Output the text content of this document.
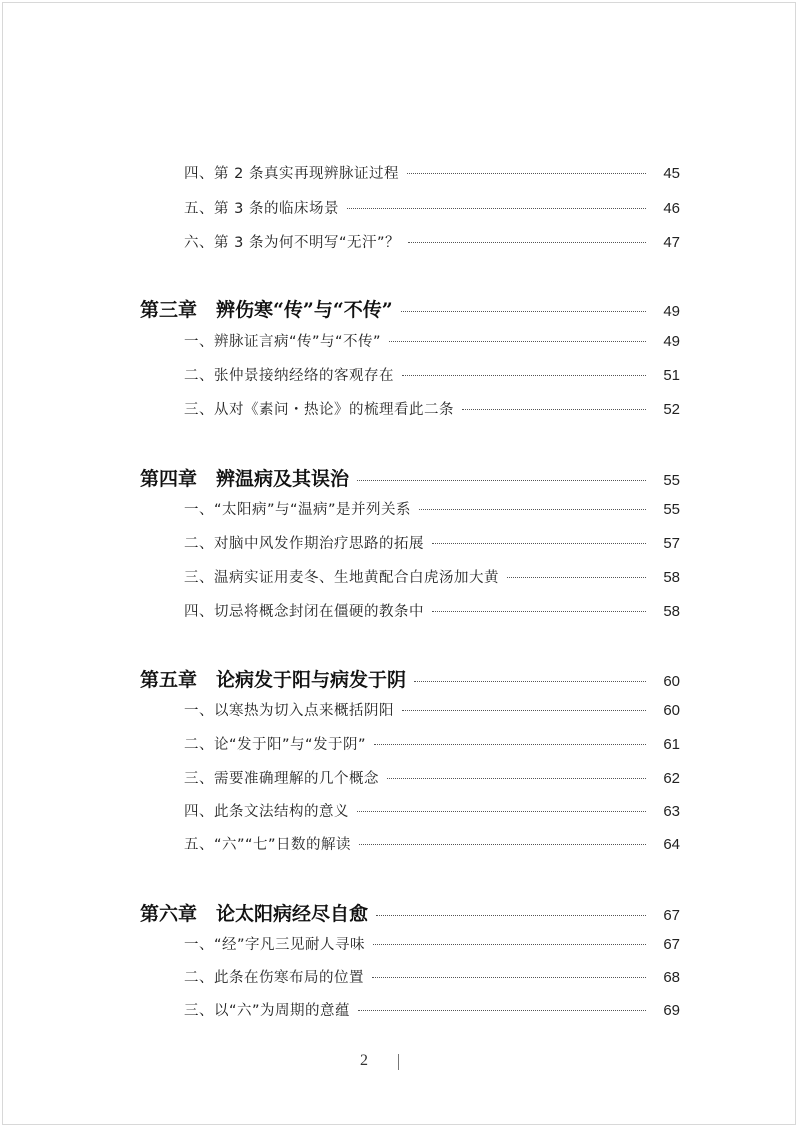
四、第 2 条真实再现辨脉证过程	45
五、第 3 条的临床场景	46
六、第 3 条为何不明写“无汗”？	47
第三章　辨伤寒“传”与“不传”	49
一、辨脉证言病“传”与“不传”	49
二、张仲景接纳经络的客观存在	51
三、从对《素问・热论》的梳理看此二条	52
第四章　辨温病及其误治	55
一、“太阳病”与“温病”是并列关系	55
二、对脑中风发作期治疗思路的拓展	57
三、温病实证用麦冬、生地黄配合白虎汤加大黄	58
四、切忌将概念封闭在僵硬的教条中	58
第五章　论病发于阳与病发于阴	60
一、以寒热为切入点来概括阴阳	60
二、论“发于阳”与“发于阴”	61
三、需要准确理解的几个概念	62
四、此条文法结构的意义	63
五、“六”“七”日数的解读	64
第六章　论太阳病经尽自愈	67
一、“经”字凡三见耐人寻味	67
二、此条在伤寒布局的位置	68
三、以“六”为周期的意蕴	69
2
